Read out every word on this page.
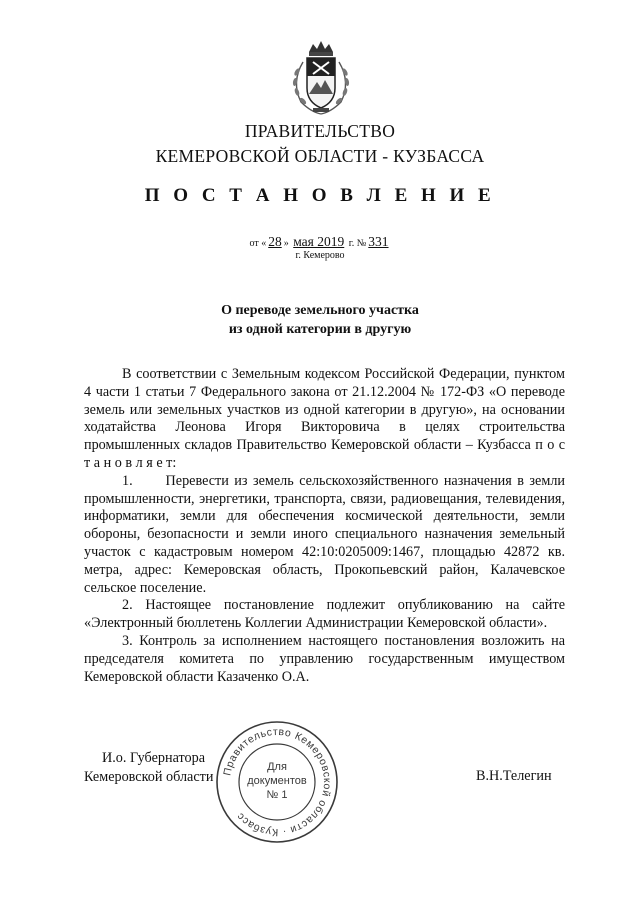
ПРАВИТЕЛЬСТВО
КЕМЕРОВСКОЙ ОБЛАСТИ - КУЗБАССА
П О С Т А Н О В Л Е Н И Е
от « 28 » мая 2019 г. № 331
г. Кемерово
О переводе земельного участка
из одной категории в другую

В соответствии с Земельным кодексом Российской Федерации, пунктом 4 части 1 статьи 7 Федерального закона от 21.12.2004 № 172-ФЗ «О переводе земель или земельных участков из одной категории в другую», на основании ходатайства Леонова Игоря Викторовича в целях строительства промышленных складов Правительство Кемеровской области – Кузбасса п о с т а н о в л я е т:

1.      Перевести из земель сельскохозяйственного назначения в земли промышленности, энергетики, транспорта, связи, радиовещания, телевидения, информатики, земли для обеспечения космической деятельности, земли обороны, безопасности и земли иного специального назначения земельный участок с кадастровым номером 42:10:0205009:1467, площадью 42872 кв. метра, адрес: Кемеровская область, Прокопьевский район, Калачевское сельское поселение.

2. Настоящее постановление подлежит опубликованию на сайте «Электронный бюллетень Коллегии Администрации Кемеровской области».

3. Контроль за исполнением настоящего постановления возложить на председателя комитета по управлению государственным имуществом Кемеровской области Казаченко О.А.

И.о. Губернатора
Кемеровской области	В.Н.Телегин
Правительство Кемеровской области · Кузбасс
Для
документов
№ 1
